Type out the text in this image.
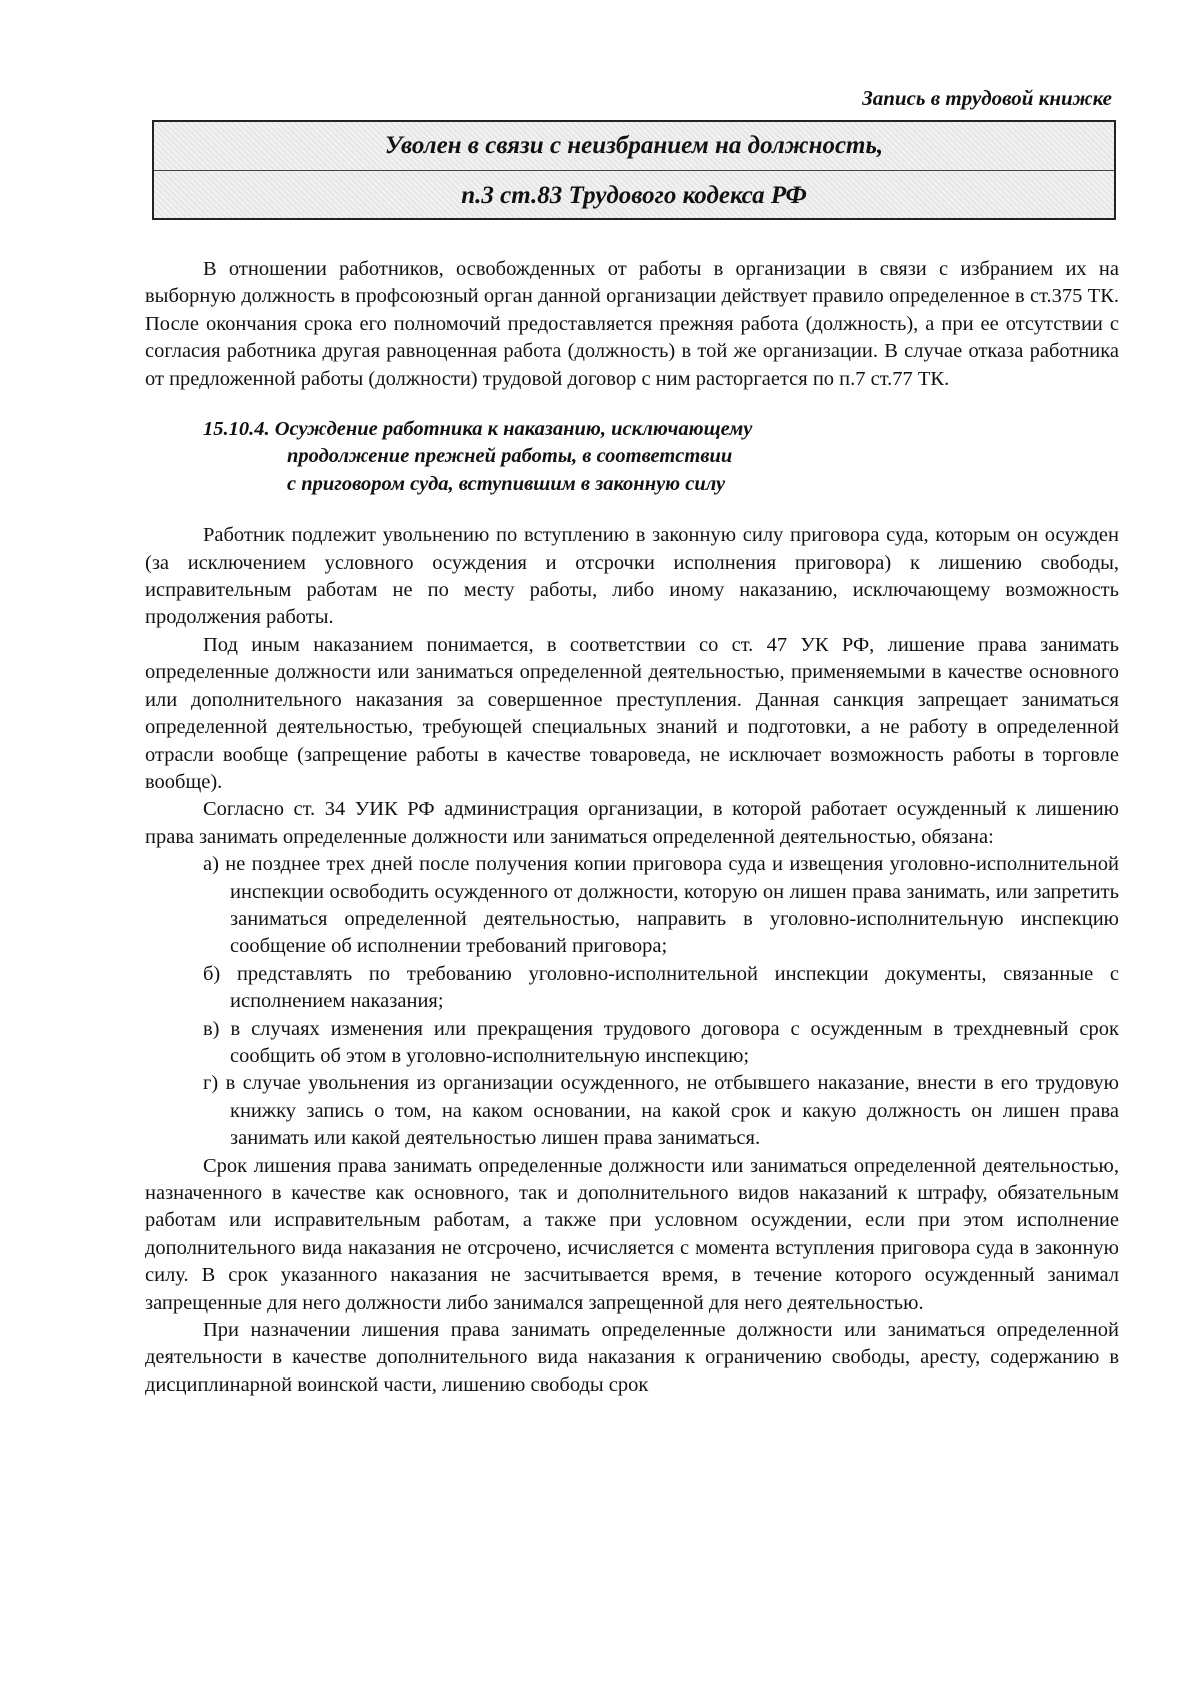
Запись в трудовой книжке
Уволен в связи с неизбранием на должность,
п.3 ст.83 Трудового кодекса РФ

В отношении работников, освобожденных от работы в организации в связи с избранием их на выборную должность в профсоюзный орган данной организации действует правило определенное в ст.375 ТК. После окончания срока его полномочий предоставляется прежняя работа (должность), а при ее отсутствии с согласия работника другая равноценная работа (должность) в той же организации. В случае отказа работника от предложенной работы (должности) трудовой договор с ним расторгается по п.7 ст.77 ТК.

15.10.4. Осуждение работника к наказанию, исключающему
продолжение прежней работы, в соответствии
с приговором суда, вступившим в законную силу

Работник подлежит увольнению по вступлению в законную силу приговора суда, которым он осужден (за исключением условного осуждения и отсрочки исполнения приговора) к лишению свободы, исправительным работам не по месту работы, либо иному наказанию, исключающему возможность продолжения работы.

Под иным наказанием понимается, в соответствии со ст. 47 УК РФ, лишение права занимать определенные должности или заниматься определенной деятельностью, применяемыми в качестве основного или дополнительного наказания за совершенное преступления. Данная санкция запрещает заниматься определенной деятельностью, требующей специальных знаний и подготовки, а не работу в определенной отрасли вообще (запрещение работы в качестве товароведа, не исключает возможность работы в торговле вообще).

Согласно ст. 34 УИК РФ администрация организации, в которой работает осужденный к лишению права занимать определенные должности или заниматься определенной деятельностью, обязана:

а) не позднее трех дней после получения копии приговора суда и извещения уголовно-исполнительной инспекции освободить осужденного от должности, которую он лишен права занимать, или запретить заниматься определенной деятельностью, направить в уголовно-исполнительную инспекцию сообщение об исполнении требований приговора;
б) представлять по требованию уголовно-исполнительной инспекции документы, связанные с исполнением наказания;
в) в случаях изменения или прекращения трудового договора с осужденным в трехдневный срок сообщить об этом в уголовно-исполнительную инспекцию;
г) в случае увольнения из организации осужденного, не отбывшего наказание, внести в его трудовую книжку запись о том, на каком основании, на какой срок и какую должность он лишен права занимать или какой деятельностью лишен права заниматься.

Срок лишения права занимать определенные должности или заниматься определенной деятельностью, назначенного в качестве как основного, так и дополнительного видов наказаний к штрафу, обязательным работам или исправительным работам, а также при условном осуждении, если при этом исполнение дополнительного вида наказания не отсрочено, исчисляется с момента вступления приговора суда в законную силу. В срок указанного наказания не засчитывается время, в течение которого осужденный занимал запрещенные для него должности либо занимался запрещенной для него деятельностью.

При назначении лишения права занимать определенные должности или заниматься определенной деятельности в качестве дополнительного вида наказания к ограничению свободы, аресту, содержанию в дисциплинарной воинской части, лишению свободы срок
